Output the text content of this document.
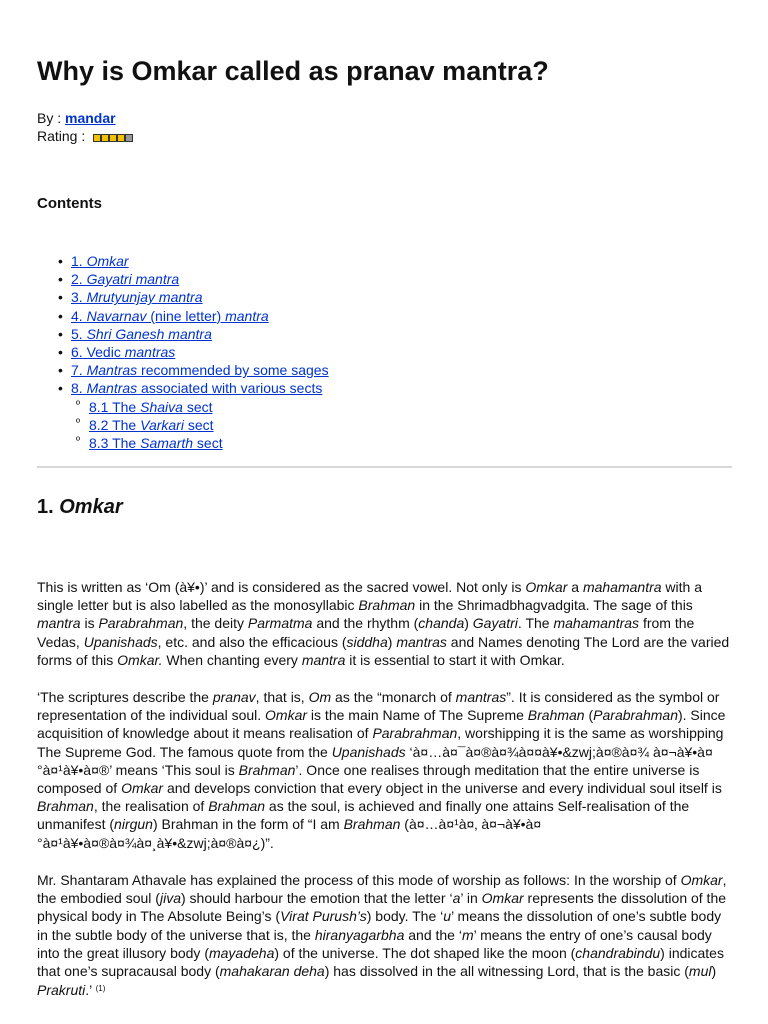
Why is Omkar called as pranav mantra?
By : mandar
Rating :
Contents
• 1. Omkar
• 2. Gayatri mantra
• 3. Mrutyunjay mantra
• 4. Navarnav (nine letter) mantra
• 5. Shri Ganesh mantra
• 6. Vedic mantras
• 7. Mantras recommended by some sages
• 8. Mantras associated with various sects
º 8.1 The Shaiva sect
º 8.2 The Varkari sect
º 8.3 The Samarth sect
1. Omkar

This is written as ‘Om (à¥•)’ and is considered as the sacred vowel. Not only is Omkar a mahamantra with a single letter but is also labelled as the monosyllabic Brahman in the Shrimadbhagvadgita. The sage of this mantra is Parabrahman, the deity Parmatma and the rhythm (chanda) Gayatri. The mahamantras from the Vedas, Upanishads, etc. and also the efficacious (siddha) mantras and Names denoting The Lord are the varied forms of this Omkar. When chanting every mantra it is essential to start it with Omkar.

‘The scriptures describe the pranav, that is, Om as the “monarch of mantras”. It is considered as the symbol or representation of the individual soul. Omkar is the main Name of The Supreme Brahman (Parabrahman). Since acquisition of knowledge about it means realisation of Parabrahman, worshipping it is the same as worshipping The Supreme God. The famous quote from the Upanishads ‘à¤…à¤¯à¤®à¤¾à¤¤à¥•&zwj;à¤®à¤¾ à¤¬à¥•à¤°à¤¹à¥•à¤®’ means ‘This soul is Brahman’. Once one realises through meditation that the entire universe is composed of Omkar and develops conviction that every object in the universe and every individual soul itself is Brahman, the realisation of Brahman as the soul, is achieved and finally one attains Self-realisation of the unmanifest (nirgun) Brahman in the form of “I am Brahman (à¤…à¤¹à¤‚ à¤¬à¥•à¤°à¤¹à¥•à¤®à¤¾à¤¸à¥•&zwj;à¤®à¤¿)”.

Mr. Shantaram Athavale has explained the process of this mode of worship as follows: In the worship of Omkar, the embodied soul (jiva) should harbour the emotion that the letter ‘a’ in Omkar represents the dissolution of the physical body in The Absolute Being’s (Virat Purush’s) body. The ‘u’ means the dissolution of one’s subtle body in the subtle body of the universe that is, the hiranyagarbha and the ‘m’ means the entry of one’s causal body into the great illusory body (mayadeha) of the universe. The dot shaped like the moon (chandrabindu) indicates that one’s supracausal body (mahakaran deha) has dissolved in the all witnessing Lord, that is the basic (mul) Prakruti.’ $^{(1)}$
